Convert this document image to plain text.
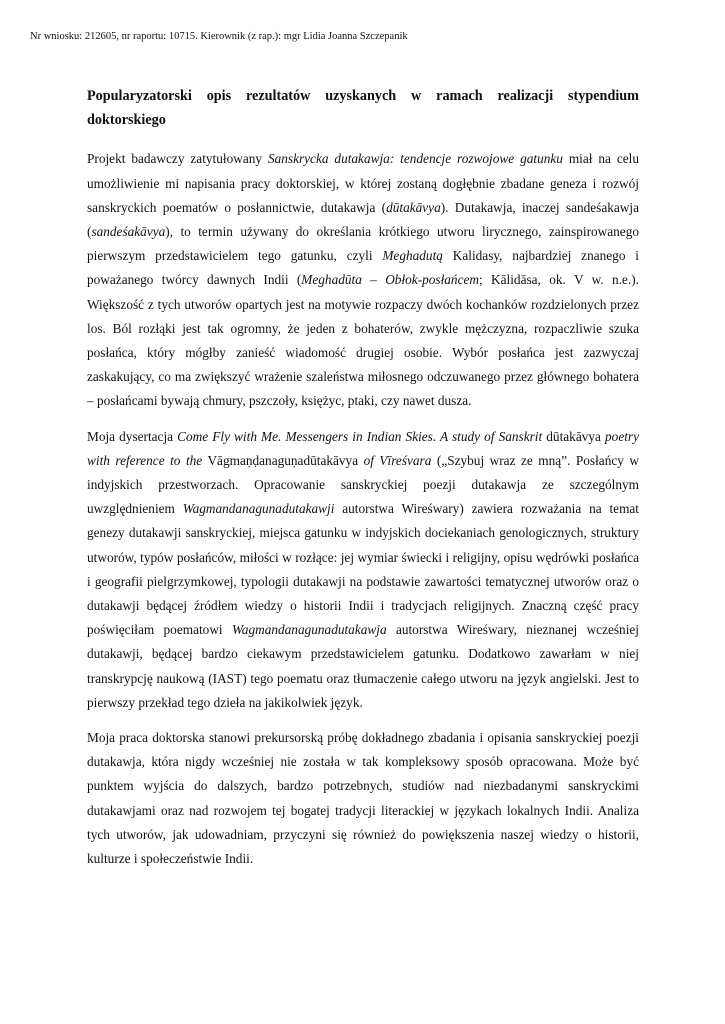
Nr wniosku: 212605, nr raportu: 10715. Kierownik (z rap.): mgr Lidia Joanna Szczepanik
Popularyzatorski opis rezultatów uzyskanych w ramach realizacji stypendium doktorskiego

Projekt badawczy zatytułowany Sanskrycka dutakawja: tendencje rozwojowe gatunku miał na celu umożliwienie mi napisania pracy doktorskiej, w której zostaną dogłębnie zbadane geneza i rozwój sanskryckich poematów o posłannictwie, dutakawja (dūtakāvya). Dutakawja, inaczej sandeśakawja (sandeśakāvya), to termin używany do określania krótkiego utworu lirycznego, zainspirowanego pierwszym przedstawicielem tego gatunku, czyli Meghadutą Kalidasy, najbardziej znanego i poważanego twórcy dawnych Indii (Meghadūta – Obłok-posłańcem; Kālidāsa, ok. V w. n.e.). Większość z tych utworów opartych jest na motywie rozpaczy dwóch kochanków rozdzielonych przez los. Ból rozłąki jest tak ogromny, że jeden z bohaterów, zwykle mężczyzna, rozpaczliwie szuka posłańca, który mógłby zanieść wiadomość drugiej osobie. Wybór posłańca jest zazwyczaj zaskakujący, co ma zwiększyć wrażenie szaleństwa miłosnego odczuwanego przez głównego bohatera – posłańcami bywają chmury, pszczoły, księżyc, ptaki, czy nawet dusza.

Moja dysertacja Come Fly with Me. Messengers in Indian Skies. A study of Sanskrit dūtakāvya poetry with reference to the Vāgmaṇḍanaguṇadūtakāvya of Vīreśvara („Szybuj wraz ze mną”. Posłańcy w indyjskich przestworzach. Opracowanie sanskryckiej poezji dutakawja ze szczególnym uwzględnieniem Wagmandanagunadutakawji autorstwa Wireśwary) zawiera rozważania na temat genezy dutakawji sanskryckiej, miejsca gatunku w indyjskich dociekaniach genologicznych, struktury utworów, typów posłańców, miłości w rozłące: jej wymiar świecki i religijny, opisu wędrówki posłańca i geografii pielgrzymkowej, typologii dutakawji na podstawie zawartości tematycznej utworów oraz o dutakawji będącej źródłem wiedzy o historii Indii i tradycjach religijnych. Znaczną część pracy poświęciłam poematowi Wagmandanagunadutakawja autorstwa Wireśwary, nieznanej wcześniej dutakawji, będącej bardzo ciekawym przedstawicielem gatunku. Dodatkowo zawarłam w niej transkrypcję naukową (IAST) tego poematu oraz tłumaczenie całego utworu na język angielski. Jest to pierwszy przekład tego dzieła na jakikolwiek język.

Moja praca doktorska stanowi prekursorską próbę dokładnego zbadania i opisania sanskryckiej poezji dutakawja, która nigdy wcześniej nie została w tak kompleksowy sposób opracowana. Może być punktem wyjścia do dalszych, bardzo potrzebnych, studiów nad niezbadanymi sanskryckimi dutakawjami oraz nad rozwojem tej bogatej tradycji literackiej w językach lokalnych Indii. Analiza tych utworów, jak udowadniam, przyczyni się również do powiększenia naszej wiedzy o historii, kulturze i społeczeństwie Indii.
